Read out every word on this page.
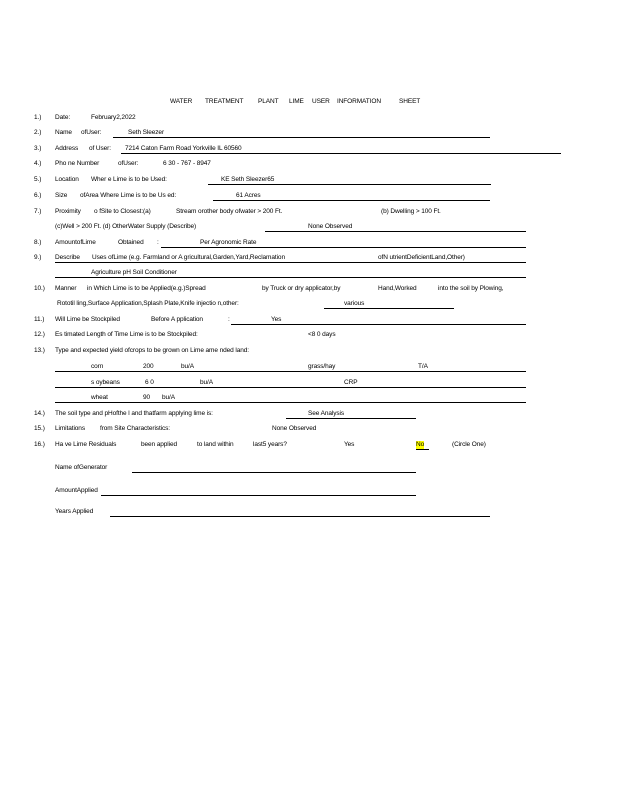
WATER TREATMENT PLANT LIME USER INFORMATION	SHEET
1.) Date:	February2,2022
2.) Name ofUser:	Seth Sleezer
3.) Address of User: 7214 Caton Farm Road Yorkville IL 60560
4.) Pho ne Number	ofUser:	6 30 - 767 - 8947
5.) Location Wher e Lime is to be Used:	KE Seth Sleezer65
6.) Size ofArea Where Lime is to be Us ed:	61 Acres
7.) Proximity o fSite to Closest:(a)	Stream orother body ofwater > 200 Ft.	(b) Dwelling > 100 Ft.
(c)Well > 200 Ft. (d) OtherWater Supply (Describe)	None Observed
8.) AmountofLime	Obtained :	Per Agronomic Rate
9.) Describe Uses ofLime (e.g. Farmland or A gricultural,Garden,Yard,Reclamation	ofN utrientDeficientLand,Other)
Agriculture pH Soil Conditioner
10.) Manner in Which Lime is to be Applied(e.g.)Spread	by Truck or dry applicator,by	Hand,Worked	into the soil by Plowing,
Rototil ling,Surface Application,Splash Plate,Knife injectio n,other:	various
11.) Will Lime be Stockpiled	Before A pplication	:	Yes
12.) Es timated Length of Time Lime is to be Stockpiled:	<8 0 days
13.) Type and expected yield ofcrops to be grown on Lime ame nded land:
corn	200	bu/A	grass/hay	T/A
s oybeans	6 0	bu/A	CRP
wheat	90 bu/A
14.) The soil type and pHofthe l and thatfarm applying lime is:	See Analysis
15.) Limitations from Site Characteristics:	None Observed
16.) Ha ve Lime Residuals	been applied	to land within	last5 years?	Yes	No	(Circle One)
Name ofGenerator
AmountApplied
Years Applied
